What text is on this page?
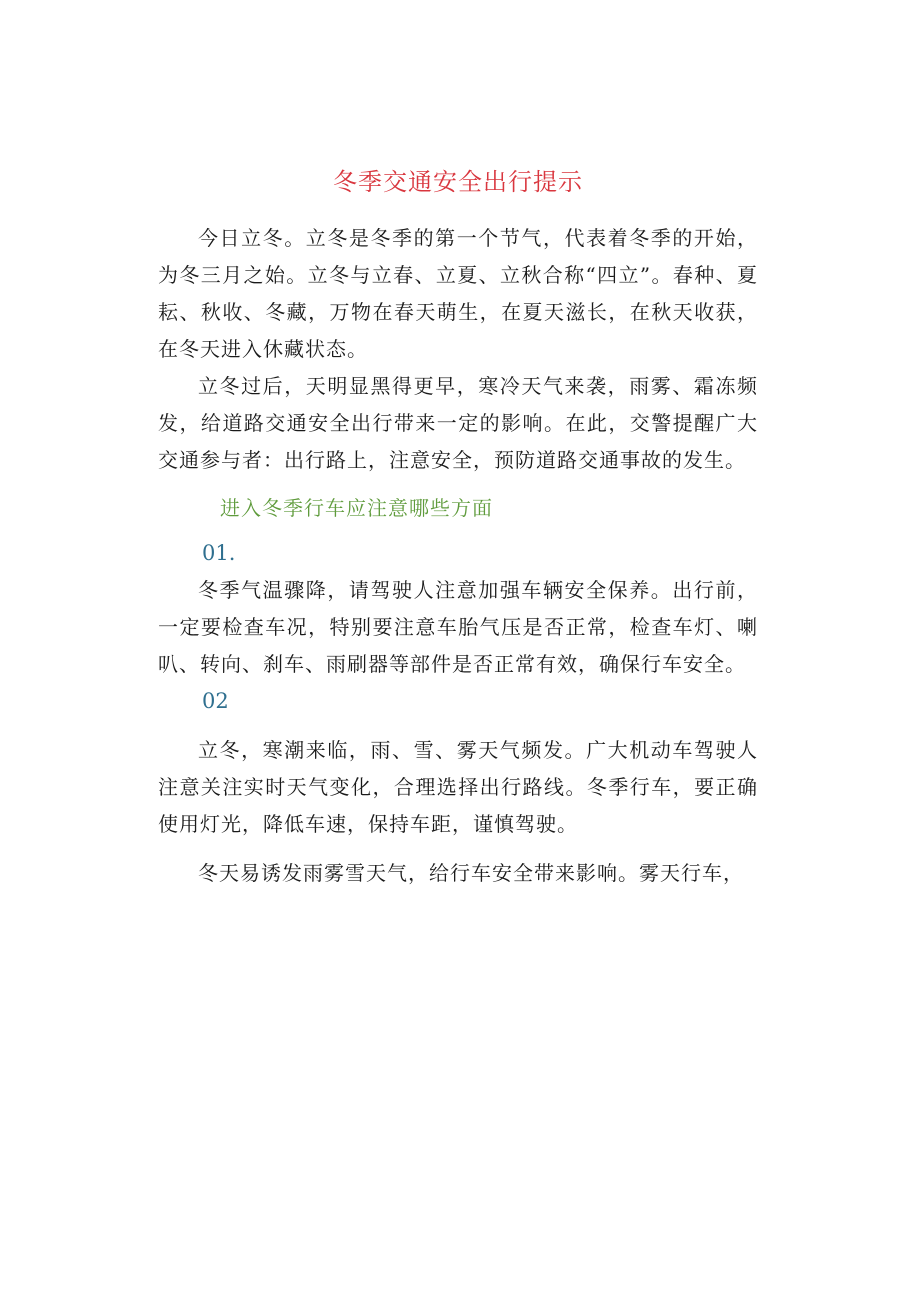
冬季交通安全出行提示

今日立冬。立冬是冬季的第一个节气，代表着冬季的开始，为冬三月之始。立冬与立春、立夏、立秋合称“四立”。春种、夏耘、秋收、冬藏，万物在春天萌生，在夏天滋长，在秋天收获，在冬天进入休藏状态。

立冬过后，天明显黑得更早，寒冷天气来袭，雨雾、霜冻频发，给道路交通安全出行带来一定的影响。在此，交警提醒广大交通参与者：出行路上，注意安全，预防道路交通事故的发生。

进入冬季行车应注意哪些方面
01.

冬季气温骤降，请驾驶人注意加强车辆安全保养。出行前，一定要检查车况，特别要注意车胎气压是否正常，检查车灯、喇叭、转向、刹车、雨刷器等部件是否正常有效，确保行车安全。

02

立冬，寒潮来临，雨、雪、雾天气频发。广大机动车驾驶人注意关注实时天气变化，合理选择出行路线。冬季行车，要正确使用灯光，降低车速，保持车距，谨慎驾驶。

冬天易诱发雨雾雪天气，给行车安全带来影响。雾天行车，
